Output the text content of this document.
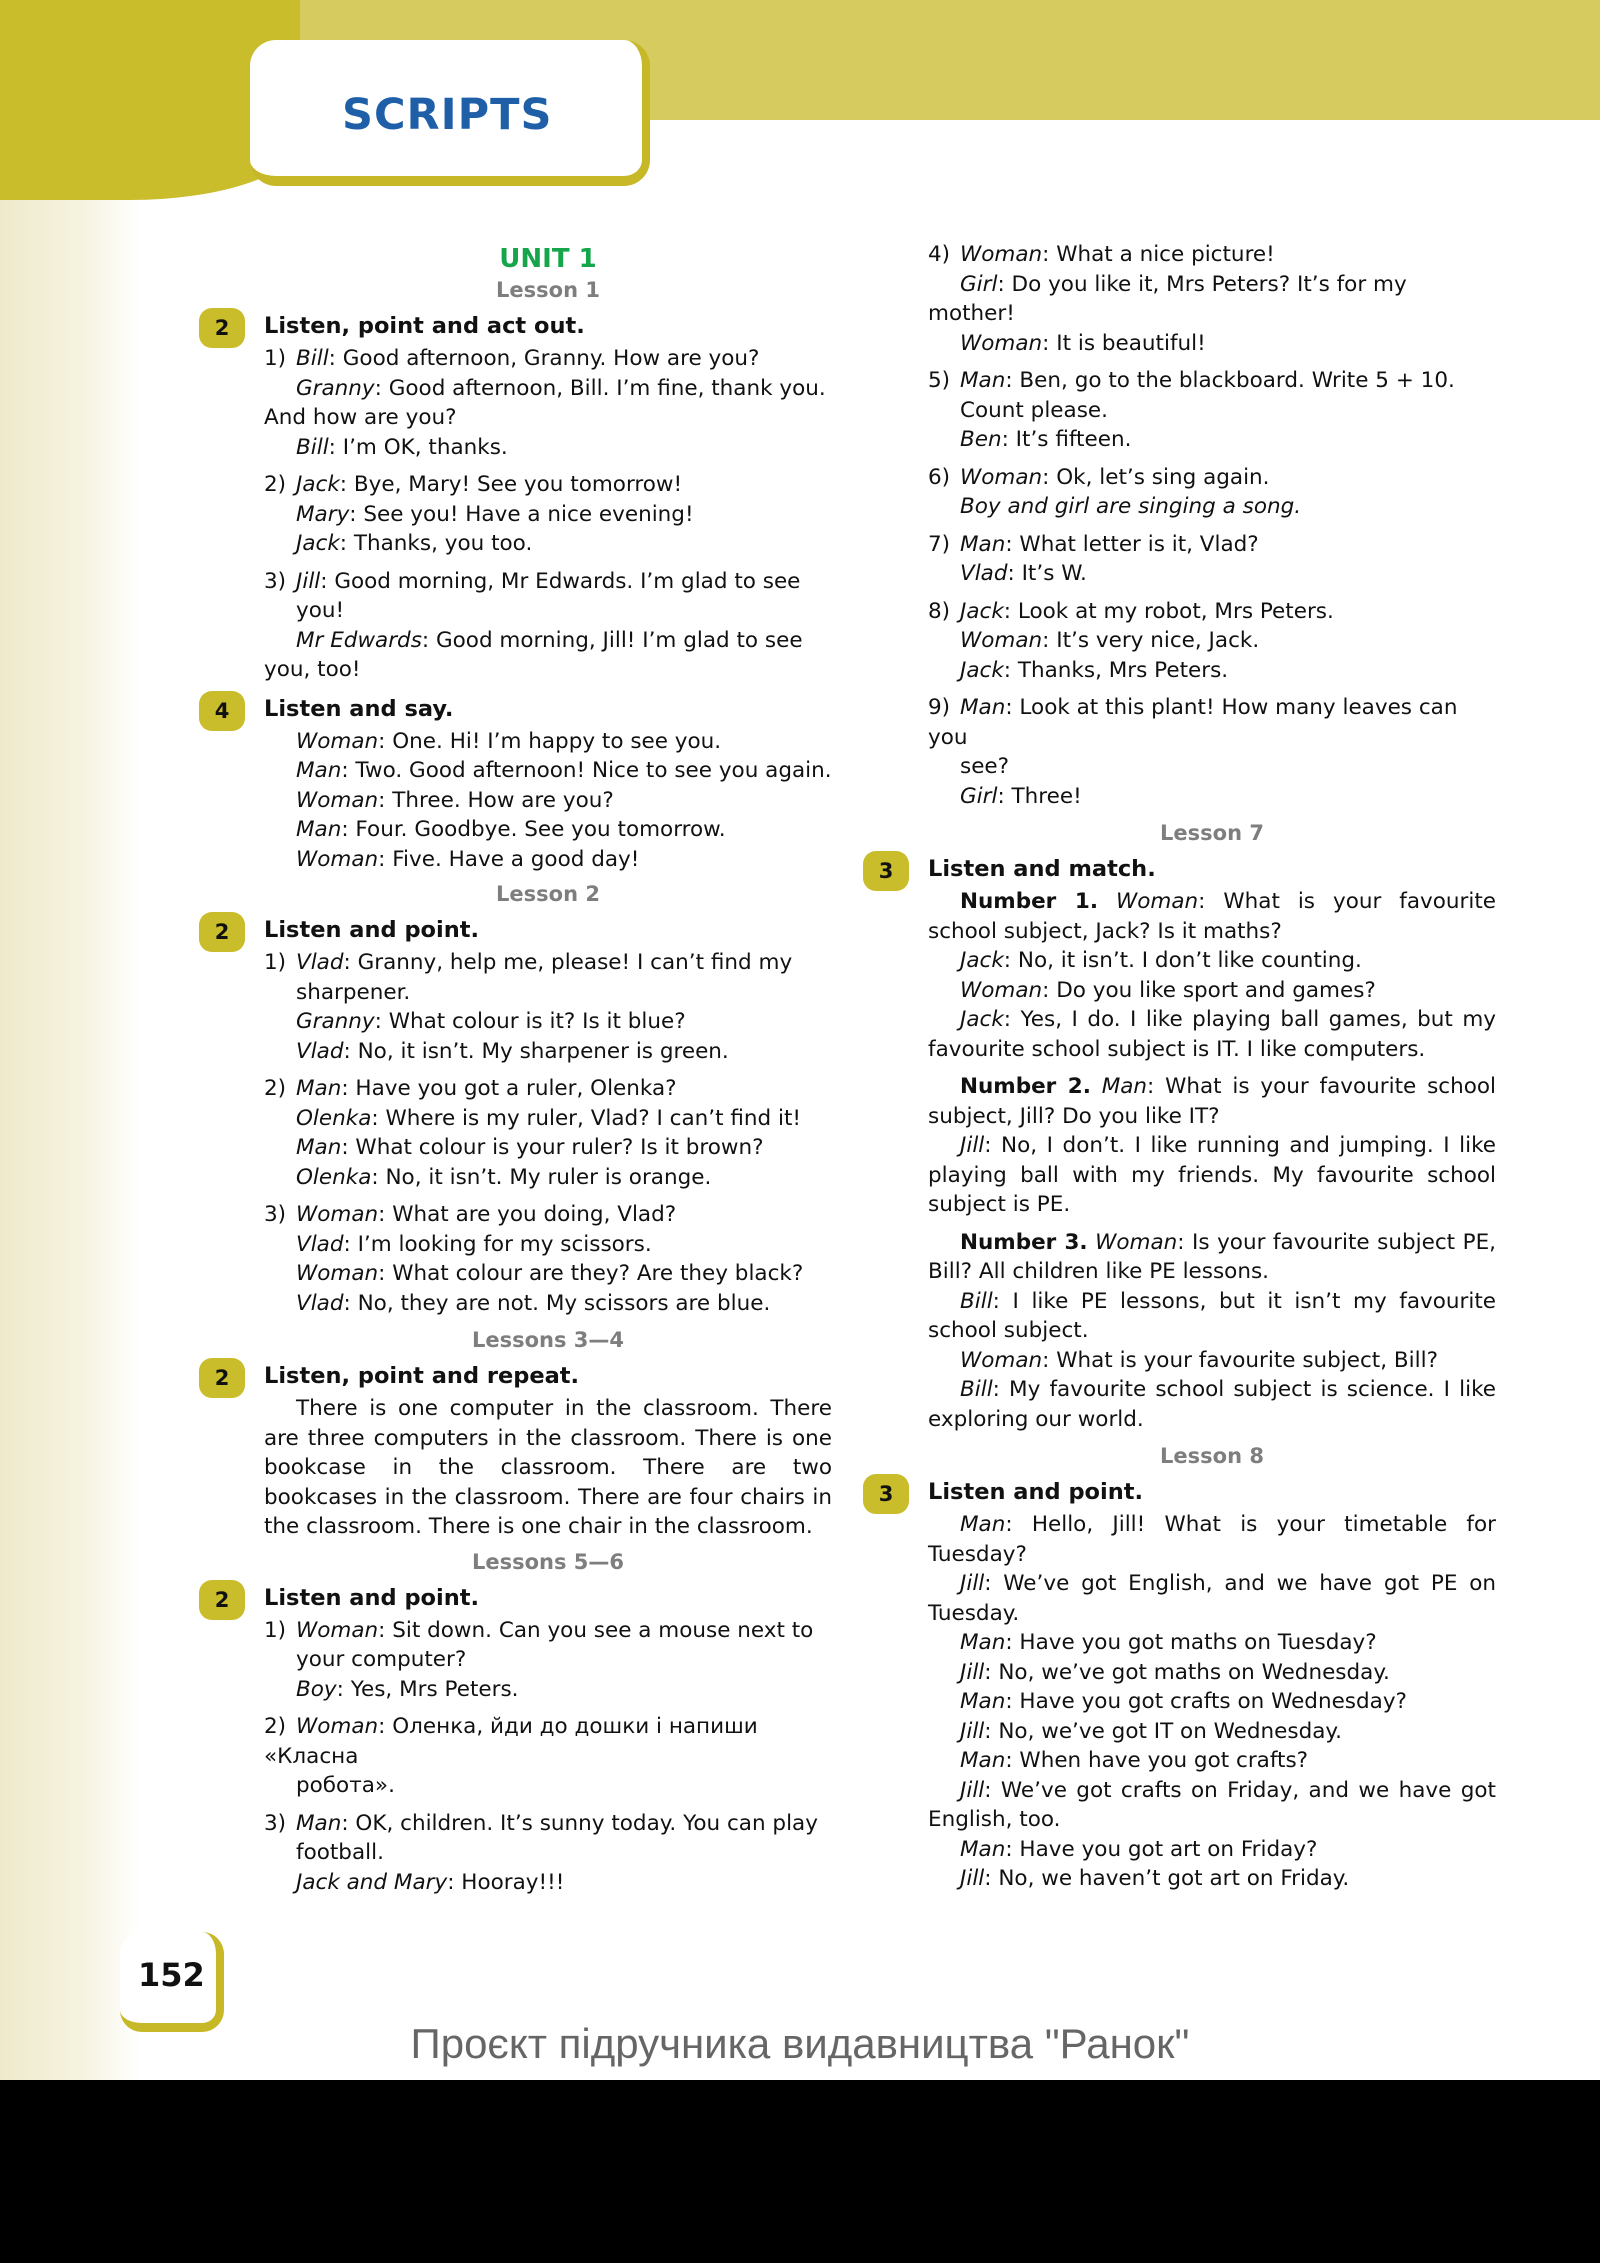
SCRIPTS
UNIT 1
Lesson 1
2	Listen, point and act out.
1) Bill: Good afternoon, Granny. How are you?
Granny: Good afternoon, Bill. I’m fine, thank you.
And how are you?
Bill: I’m OK, thanks.
2) Jack: Bye, Mary! See you tomorrow!
Mary: See you! Have a nice evening!
Jack: Thanks, you too.
3) Jill: Good morning, Mr Edwards. I’m glad to see
you!
Mr Edwards: Good morning, Jill! I’m glad to see
you, too!
4	Listen and say.
Woman: One. Hi! I’m happy to see you.
Man: Two. Good afternoon! Nice to see you again.
Woman: Three. How are you?
Man: Four. Goodbye. See you tomorrow.
Woman: Five. Have a good day!
Lesson 2
2	Listen and point.
1) Vlad: Granny, help me, please! I can’t find my
sharpener.
Granny: What colour is it? Is it blue?
Vlad: No, it isn’t. My sharpener is green.
2) Man: Have you got a ruler, Olenka?
Olenka: Where is my ruler, Vlad? I can’t find it!
Man: What colour is your ruler? Is it brown?
Olenka: No, it isn’t. My ruler is orange.
3) Woman: What are you doing, Vlad?
Vlad: I’m looking for my scissors.
Woman: What colour are they? Are they black?
Vlad: No, they are not. My scissors are blue.
Lessons 3—4
2	Listen, point and repeat.
There is one computer in the classroom. There are three computers in the classroom. There is one bookcase in the classroom. There are two bookcases in the classroom. There are four chairs in the classroom. There is one chair in the classroom.
Lessons 5—6
2	Listen and point.
1) Woman: Sit down. Can you see a mouse next to
your computer?
Boy: Yes, Mrs Peters.
2) Woman: Оленка, йди до дошки і напиши «Класна
робота».
3) Man: OK, children. It’s sunny today. You can play
football.
Jack and Mary: Hooray!!!
4) Woman: What a nice picture!
Girl: Do you like it, Mrs Peters? It’s for my
mother!
Woman: It is beautiful!
5) Man: Ben, go to the blackboard. Write 5 + 10.
Count please.
Ben: It’s fifteen.
6) Woman: Ok, let’s sing again.
Boy and girl are singing a song.
7) Man: What letter is it, Vlad?
Vlad: It’s W.
8) Jack: Look at my robot, Mrs Peters.
Woman: It’s very nice, Jack.
Jack: Thanks, Mrs Peters.
9) Man: Look at this plant! How many leaves can you
see?
Girl: Three!
Lesson 7
3	Listen and match.
Number 1. Woman: What is your favourite school subject, Jack? Is it maths?
Jack: No, it isn’t. I don’t like counting.
Woman: Do you like sport and games?
Jack: Yes, I do. I like playing ball games, but my favourite school subject is IT. I like computers.
Number 2. Man: What is your favourite school subject, Jill? Do you like IT?
Jill: No, I don’t. I like running and jumping. I like playing ball with my friends. My favourite school subject is PE.
Number 3. Woman: Is your favourite subject PE, Bill? All children like PE lessons.
Bill: I like PE lessons, but it isn’t my favourite school subject.
Woman: What is your favourite subject, Bill?
Bill: My favourite school subject is science. I like exploring our world.
Lesson 8
3	Listen and point.
Man: Hello, Jill! What is your timetable for Tuesday?
Jill: We’ve got English, and we have got PE on Tuesday.
Man: Have you got maths on Tuesday?
Jill: No, we’ve got maths on Wednesday.
Man: Have you got crafts on Wednesday?
Jill: No, we’ve got IT on Wednesday.
Man: When have you got crafts?
Jill: We’ve got crafts on Friday, and we have got English, too.
Man: Have you got art on Friday?
Jill: No, we haven’t got art on Friday.
152
Проєкт підручника видавництва "Ранок"
